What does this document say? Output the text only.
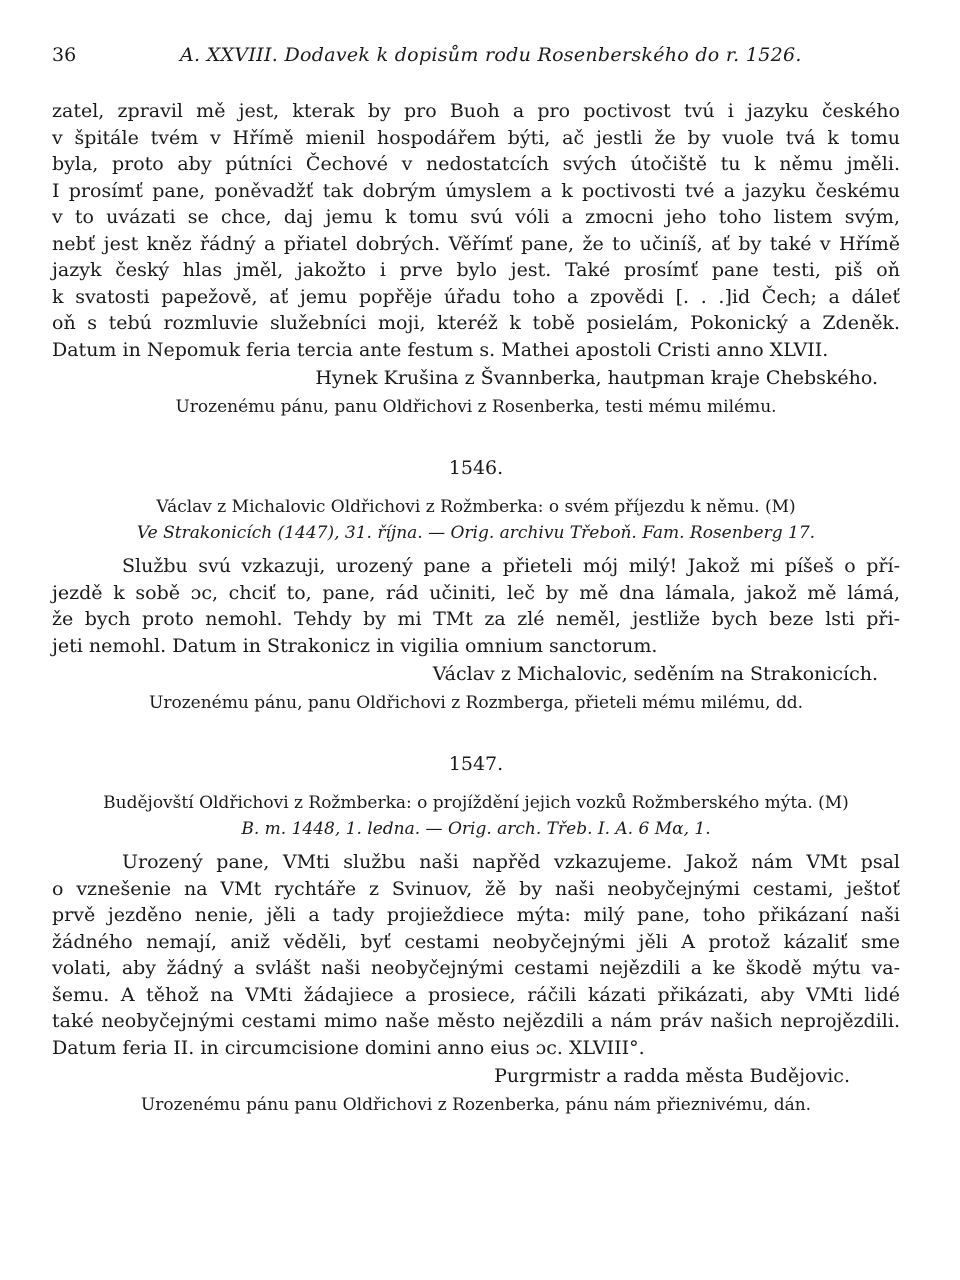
36	A. XXVIII. Dodavek k dopisům rodu Rosenberského do r. 1526.
zatel, zpravil mě jest, kterak by pro Buoh a pro poctivost tvú i jazyku českého
v špitále tvém v Hřímě mienil hospodářem býti, ač jestli že by vuole tvá k tomu
byla, proto aby pútníci Čechové v nedostatcích svých útočiště tu k němu jměli.
I prosímť pane, poněvadžť tak dobrým úmyslem a k poctivosti tvé a jazyku českému
v to uvázati se chce, daj jemu k tomu svú vóli a zmocni jeho toho listem svým,
nebť jest kněz řádný a přiatel dobrých. Věřímť pane, že to učiníš, ať by také v Hřímě
jazyk český hlas jměl, jakožto i prve bylo jest. Také prosímť pane testi, piš oň
k svatosti papežově, ať jemu popřěje úřadu toho a zpovědi [. . .]id Čech; a dáleť
oň s tebú rozmluvie služebníci moji, kteréž k tobě posielám, Pokonický a Zdeněk.
Datum in Nepomuk feria tercia ante festum s. Mathei apostoli Cristi anno XLVII.

Hynek Krušina z Švannberka, hautpman kraje Chebského.

Urozenému pánu, panu Oldřichovi z Rosenberka, testi mému milému.

1546.

Václav z Michalovic Oldřichovi z Rožmberka: o svém příjezdu k němu. (M)

Ve Strakonicích (1447), 31. října. — Orig. archivu Třeboň. Fam. Rosenberg 17.

Službu svú vzkazuji, urozený pane a přieteli mój milý! Jakož mi píšeš o pří-
jezdě k sobě ɔc, chciť to, pane, rád učiniti, leč by mě dna lámala, jakož mě lámá,
že bych proto nemohl. Tehdy by mi TMt za zlé neměl, jestliže bych beze lsti při-
jeti nemohl. Datum in Strakonicz in vigilia omnium sanctorum.

Václav z Michalovic, seděním na Strakonicích.

Urozenému pánu, panu Oldřichovi z Rozmberga, přieteli mému milému, dd.

1547.

Budějovští Oldřichovi z Rožmberka: o projíždění jejich vozků Rožmberského mýta. (M)

B. m. 1448, 1. ledna. — Orig. arch. Třeb. I. A. 6 Mα, 1.

Urozený pane, VMti službu naši napřěd vzkazujeme. Jakož nám VMt psal
o vznešenie na VMt rychtáře z Svinuov, žě by naši neobyčejnými cestami, ještoť
prvě jezděno nenie, jěli a tady projieždiece mýta: milý pane, toho přikázaní naši
žádného nemají, aniž věděli, byť cestami neobyčejnými jěli A protož kázaliť sme
volati, aby žádný a svlášt naši neobyčejnými cestami nejězdili a ke škodě mýtu va-
šemu. A těhož na VMti žádajiece a prosiece, ráčili kázati přikázati, aby VMti lidé
také neobyčejnými cestami mimo naše město nejězdili a nám práv našich neprojězdili.
Datum feria II. in circumcisione domini anno eius ɔc. XLVIII°.

Purgrmistr a radda města Budějovic.

Urozenému pánu panu Oldřichovi z Rozenberka, pánu nám přieznivému, dán.
